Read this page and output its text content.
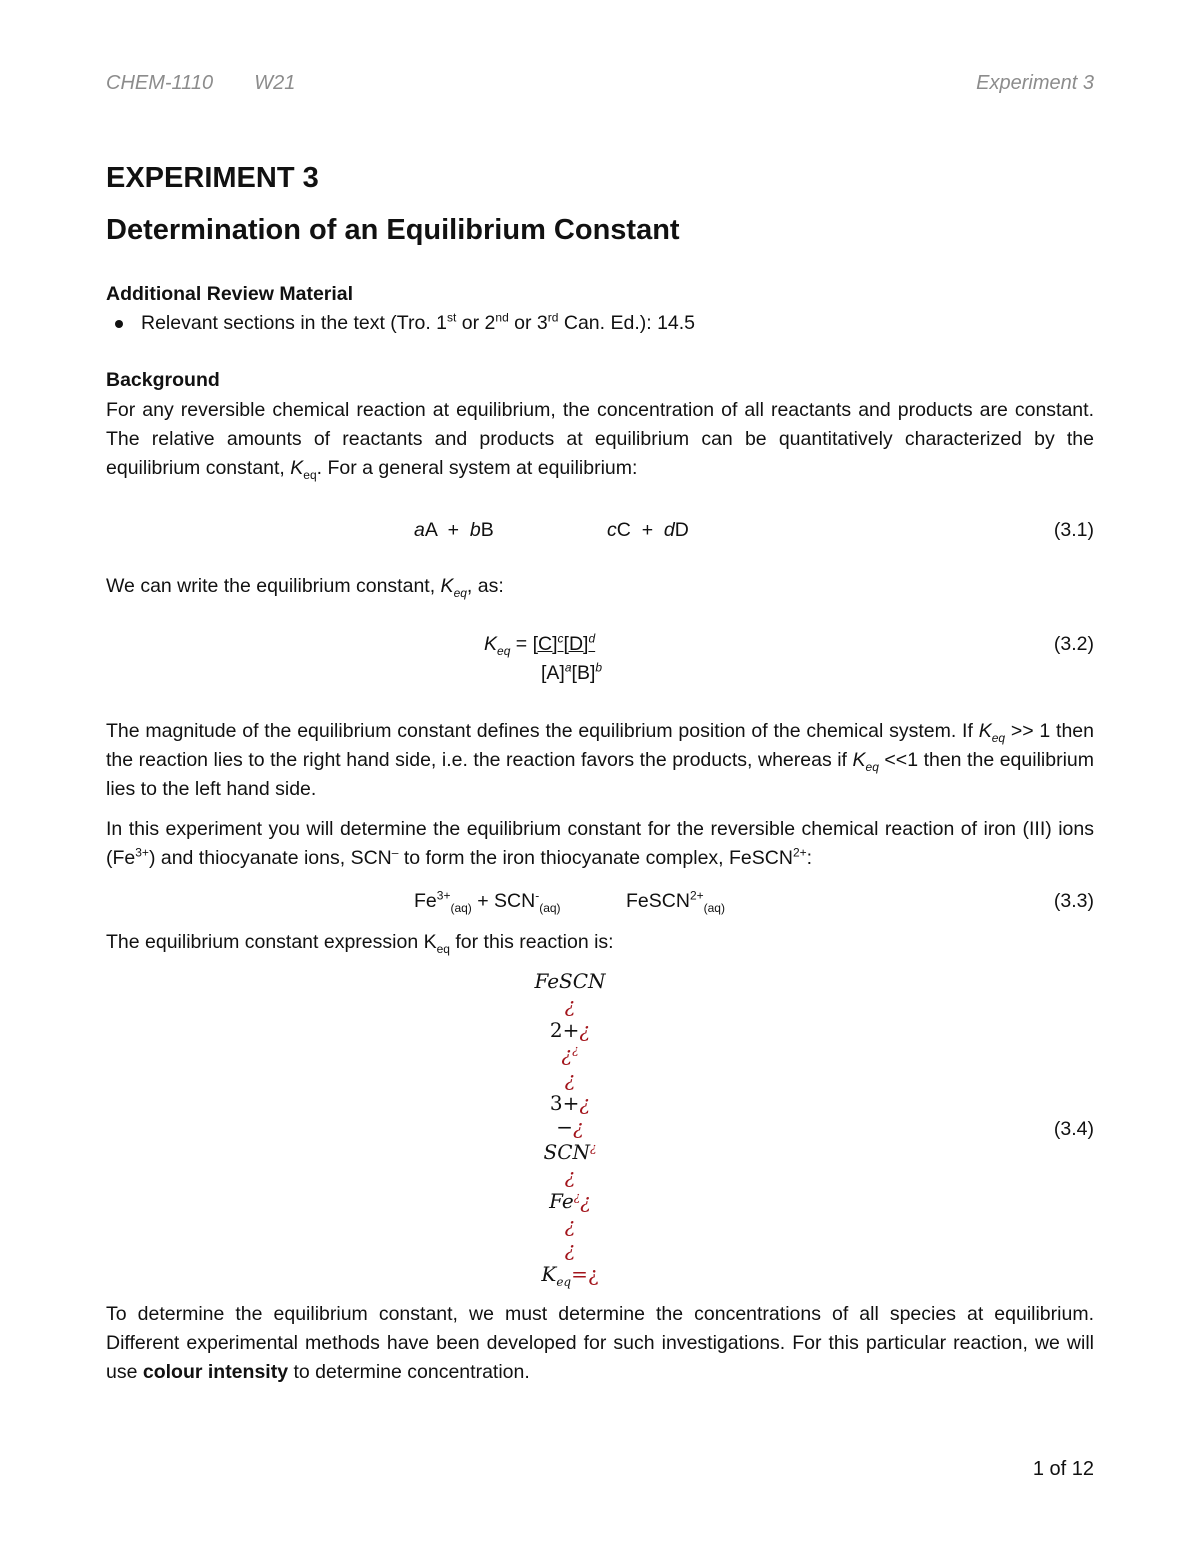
CHEM-1110 W21	Experiment 3
EXPERIMENT 3
Determination of an Equilibrium Constant
Additional Review Material
Relevant sections in the text (Tro. 1st or 2nd or 3rd Can. Ed.): 14.5
Background
For any reversible chemical reaction at equilibrium, the concentration of all reactants and products are constant. The relative amounts of reactants and products at equilibrium can be quantitatively characterized by the equilibrium constant, $K_{eq}$. For a general system at equilibrium:
aA + bB	cC + dD	(3.1)
We can write the equilibrium constant, $K_{eq}$, as:
$K_{eq} = [C]^c[D]^d$
$[A]^a[B]^b$
(3.2)
The magnitude of the equilibrium constant defines the equilibrium position of the chemical system. If $K_{eq} >> 1$ then the reaction lies to the right hand side, i.e. the reaction favors the products, whereas if $K_{eq} <<1$ then the equilibrium lies to the left hand side.
In this experiment you will determine the equilibrium constant for the reversible chemical reaction of iron (III) ions $(Fe^{3+})$ and thiocyanate ions, SCN– to form the iron thiocyanate complex, FeSCN$^{2+}$:
$Fe^{3+}_{(aq)} + SCN^-_{(aq)}$	FeSCN$^{2+}_{(aq)}$	(3.3)
The equilibrium constant expression $K_{eq}$ for this reaction is:
FeSCN
¿
2+¿
¿¿
¿
3+¿
−¿
SCN¿
¿
Fe¿¿
¿
¿
$K_{eq}=¿$
(3.4)
To determine the equilibrium constant, we must determine the concentrations of all species at equilibrium. Different experimental methods have been developed for such investigations. For this particular reaction, we will use colour intensity to determine concentration.
1 of 12
